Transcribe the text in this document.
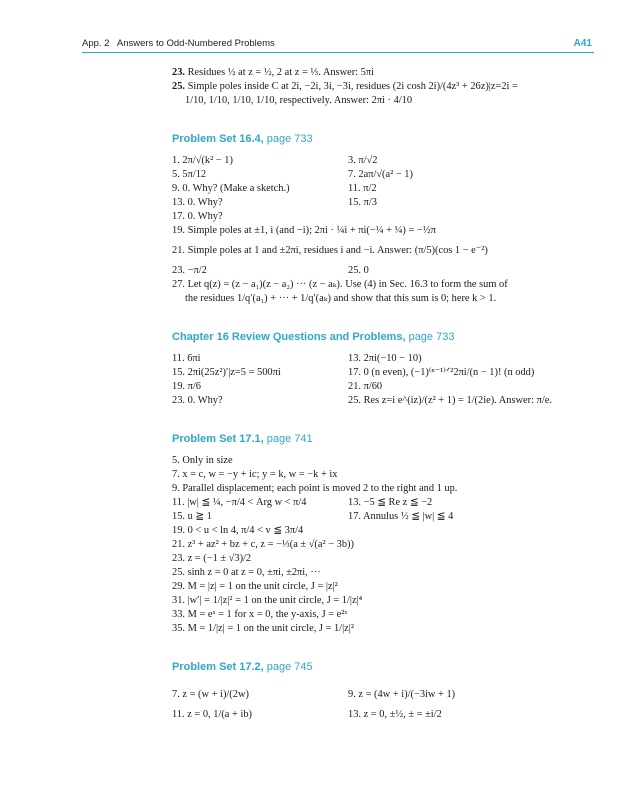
App. 2 Answers to Odd-Numbered Problems	A41
23. Residues ½ at z = ½, 2 at z = ⅓. Answer: 5πi
25. Simple poles inside C at 2i, −2i, 3i, −3i, residues (2i cosh 2i)/(4z³ + 26z)|z=2i =
1/10, 1/10, 1/10, 1/10, respectively. Answer: 2πi · 4/10
Problem Set 16.4, page 733
1. 2π/√(k² − 1)	3. π/√2
5. 5π/12	7. 2aπ/√(a² − 1)
9. 0. Why? (Make a sketch.)	11. π/2
13. 0. Why?	15. π/3
17. 0. Why?
19. Simple poles at ±1, i (and −i); 2πi · ¼i + πi(−¼ + ¼) = −½π
21. Simple poles at 1 and ±2πi, residues i and −i. Answer: (π/5)(cos 1 − e⁻²)
23. −π/2	25. 0
27. Let q(z) = (z − a₁)(z − a₂) ··· (z − aₖ). Use (4) in Sec. 16.3 to form the sum of
the residues 1/q′(a₁) + ··· + 1/q′(aₖ) and show that this sum is 0; here k > 1.
Chapter 16 Review Questions and Problems, page 733
11. 6πi	13. 2πi(−10 − 10)
15. 2πi(25z²)′|z=5 = 500πi	17. 0 (n even), (−1)⁽ⁿ⁻¹⁾ᐟ²2πi/(n − 1)! (n odd)
19. π/6	21. π/60
23. 0. Why?	25. Res z=i e^(iz)/(z² + 1) = 1/(2ie). Answer: π/e.
Problem Set 17.1, page 741
5. Only in size
7. x = c, w = −y + ic; y = k, w = −k + ix
9. Parallel displacement; each point is moved 2 to the right and 1 up.
11. |w| ≦ ¼, −π/4 < Arg w < π/4	13. −5 ≦ Re z ≦ −2
15. u ≧ 1	17. Annulus ½ ≦ |w| ≦ 4
19. 0 < u < ln 4, π/4 < v ≦ 3π/4
21. z³ + az² + bz + c, z = −⅓(a ± √(a² − 3b))
23. z = (−1 ± √3)/2
25. sinh z = 0 at z = 0, ±πi, ±2πi, ···
29. M = |z| = 1 on the unit circle, J = |z|²
31. |w′| = 1/|z|² = 1 on the unit circle, J = 1/|z|⁴
33. M = eˣ = 1 for x = 0, the y-axis, J = e²ˣ
35. M = 1/|z| = 1 on the unit circle, J = 1/|z|²
Problem Set 17.2, page 745
7. z = (w + i)/(2w)	9. z = (4w + i)/(−3iw + 1)
11. z = 0, 1/(a + ib)	13. z = 0, ±½, ± = ±i/2
